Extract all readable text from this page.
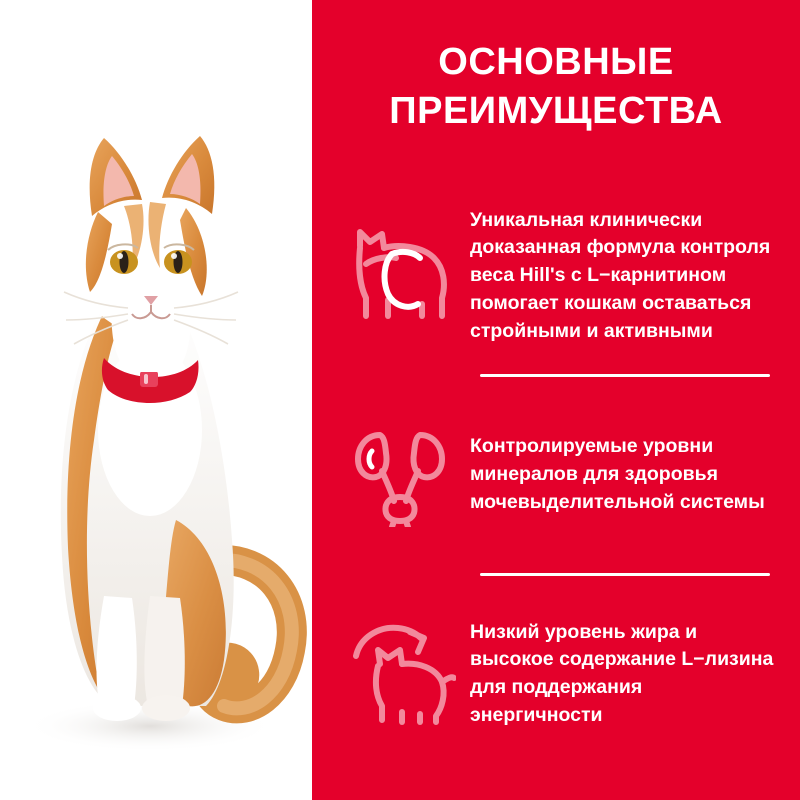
ОСНОВНЫЕ
ПРЕИМУЩЕСТВА
Уникальная клинически доказанная формула контроля веса Hill's с L−карнитином помогает кошкам оставаться стройными и активными
Контролируемые уровни минералов для здоровья мочевыделительной системы
Низкий уровень жира и высокое содержание L−лизина для поддержания энергичности
